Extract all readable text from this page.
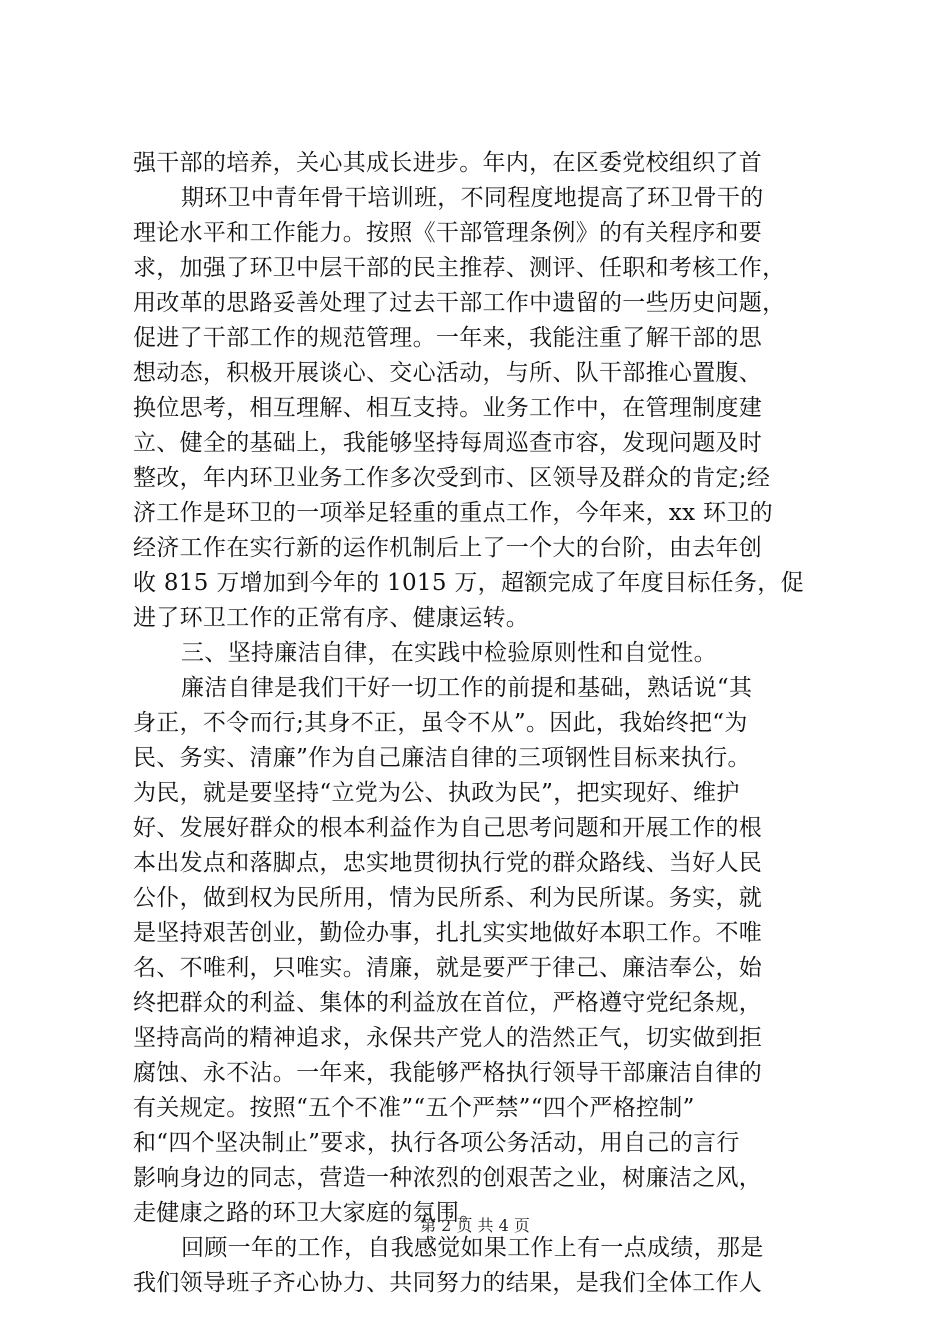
强干部的培养，关心其成长进步。年内，在区委党校组织了首
期环卫中青年骨干培训班，不同程度地提高了环卫骨干的
理论水平和工作能力。按照《干部管理条例》的有关程序和要
求，加强了环卫中层干部的民主推荐、测评、任职和考核工作，
用改革的思路妥善处理了过去干部工作中遗留的一些历史问题，
促进了干部工作的规范管理。一年来，我能注重了解干部的思
想动态，积极开展谈心、交心活动，与所、队干部推心置腹、
换位思考，相互理解、相互支持。业务工作中，在管理制度建
立、健全的基础上，我能够坚持每周巡查市容，发现问题及时
整改，年内环卫业务工作多次受到市、区领导及群众的肯定;经
济工作是环卫的一项举足轻重的重点工作，今年来，xx 环卫的
经济工作在实行新的运作机制后上了一个大的台阶，由去年创
收 815 万增加到今年的 1015 万，超额完成了年度目标任务，促
进了环卫工作的正常有序、健康运转。
三、坚持廉洁自律，在实践中检验原则性和自觉性。
廉洁自律是我们干好一切工作的前提和基础，熟话说“其
身正，不令而行;其身不正，虽令不从”。因此，我始终把“为
民、务实、清廉”作为自己廉洁自律的三项钢性目标来执行。
为民，就是要坚持“立党为公、执政为民”，把实现好、维护
好、发展好群众的根本利益作为自己思考问题和开展工作的根
本出发点和落脚点，忠实地贯彻执行党的群众路线、当好人民
公仆，做到权为民所用，情为民所系、利为民所谋。务实，就
是坚持艰苦创业，勤俭办事，扎扎实实地做好本职工作。不唯
名、不唯利，只唯实。清廉，就是要严于律己、廉洁奉公，始
终把群众的利益、集体的利益放在首位，严格遵守党纪条规，
坚持高尚的精神追求，永保共产党人的浩然正气，切实做到拒
腐蚀、永不沾。一年来，我能够严格执行领导干部廉洁自律的
有关规定。按照“五个不准”“五个严禁”“四个严格控制”
和“四个坚决制止”要求，执行各项公务活动，用自己的言行
影响身边的同志，营造一种浓烈的创艰苦之业，树廉洁之风，
走健康之路的环卫大家庭的氛围。
回顾一年的工作，自我感觉如果工作上有一点成绩，那是
我们领导班子齐心协力、共同努力的结果，是我们全体工作人
第 2 页 共 4 页
